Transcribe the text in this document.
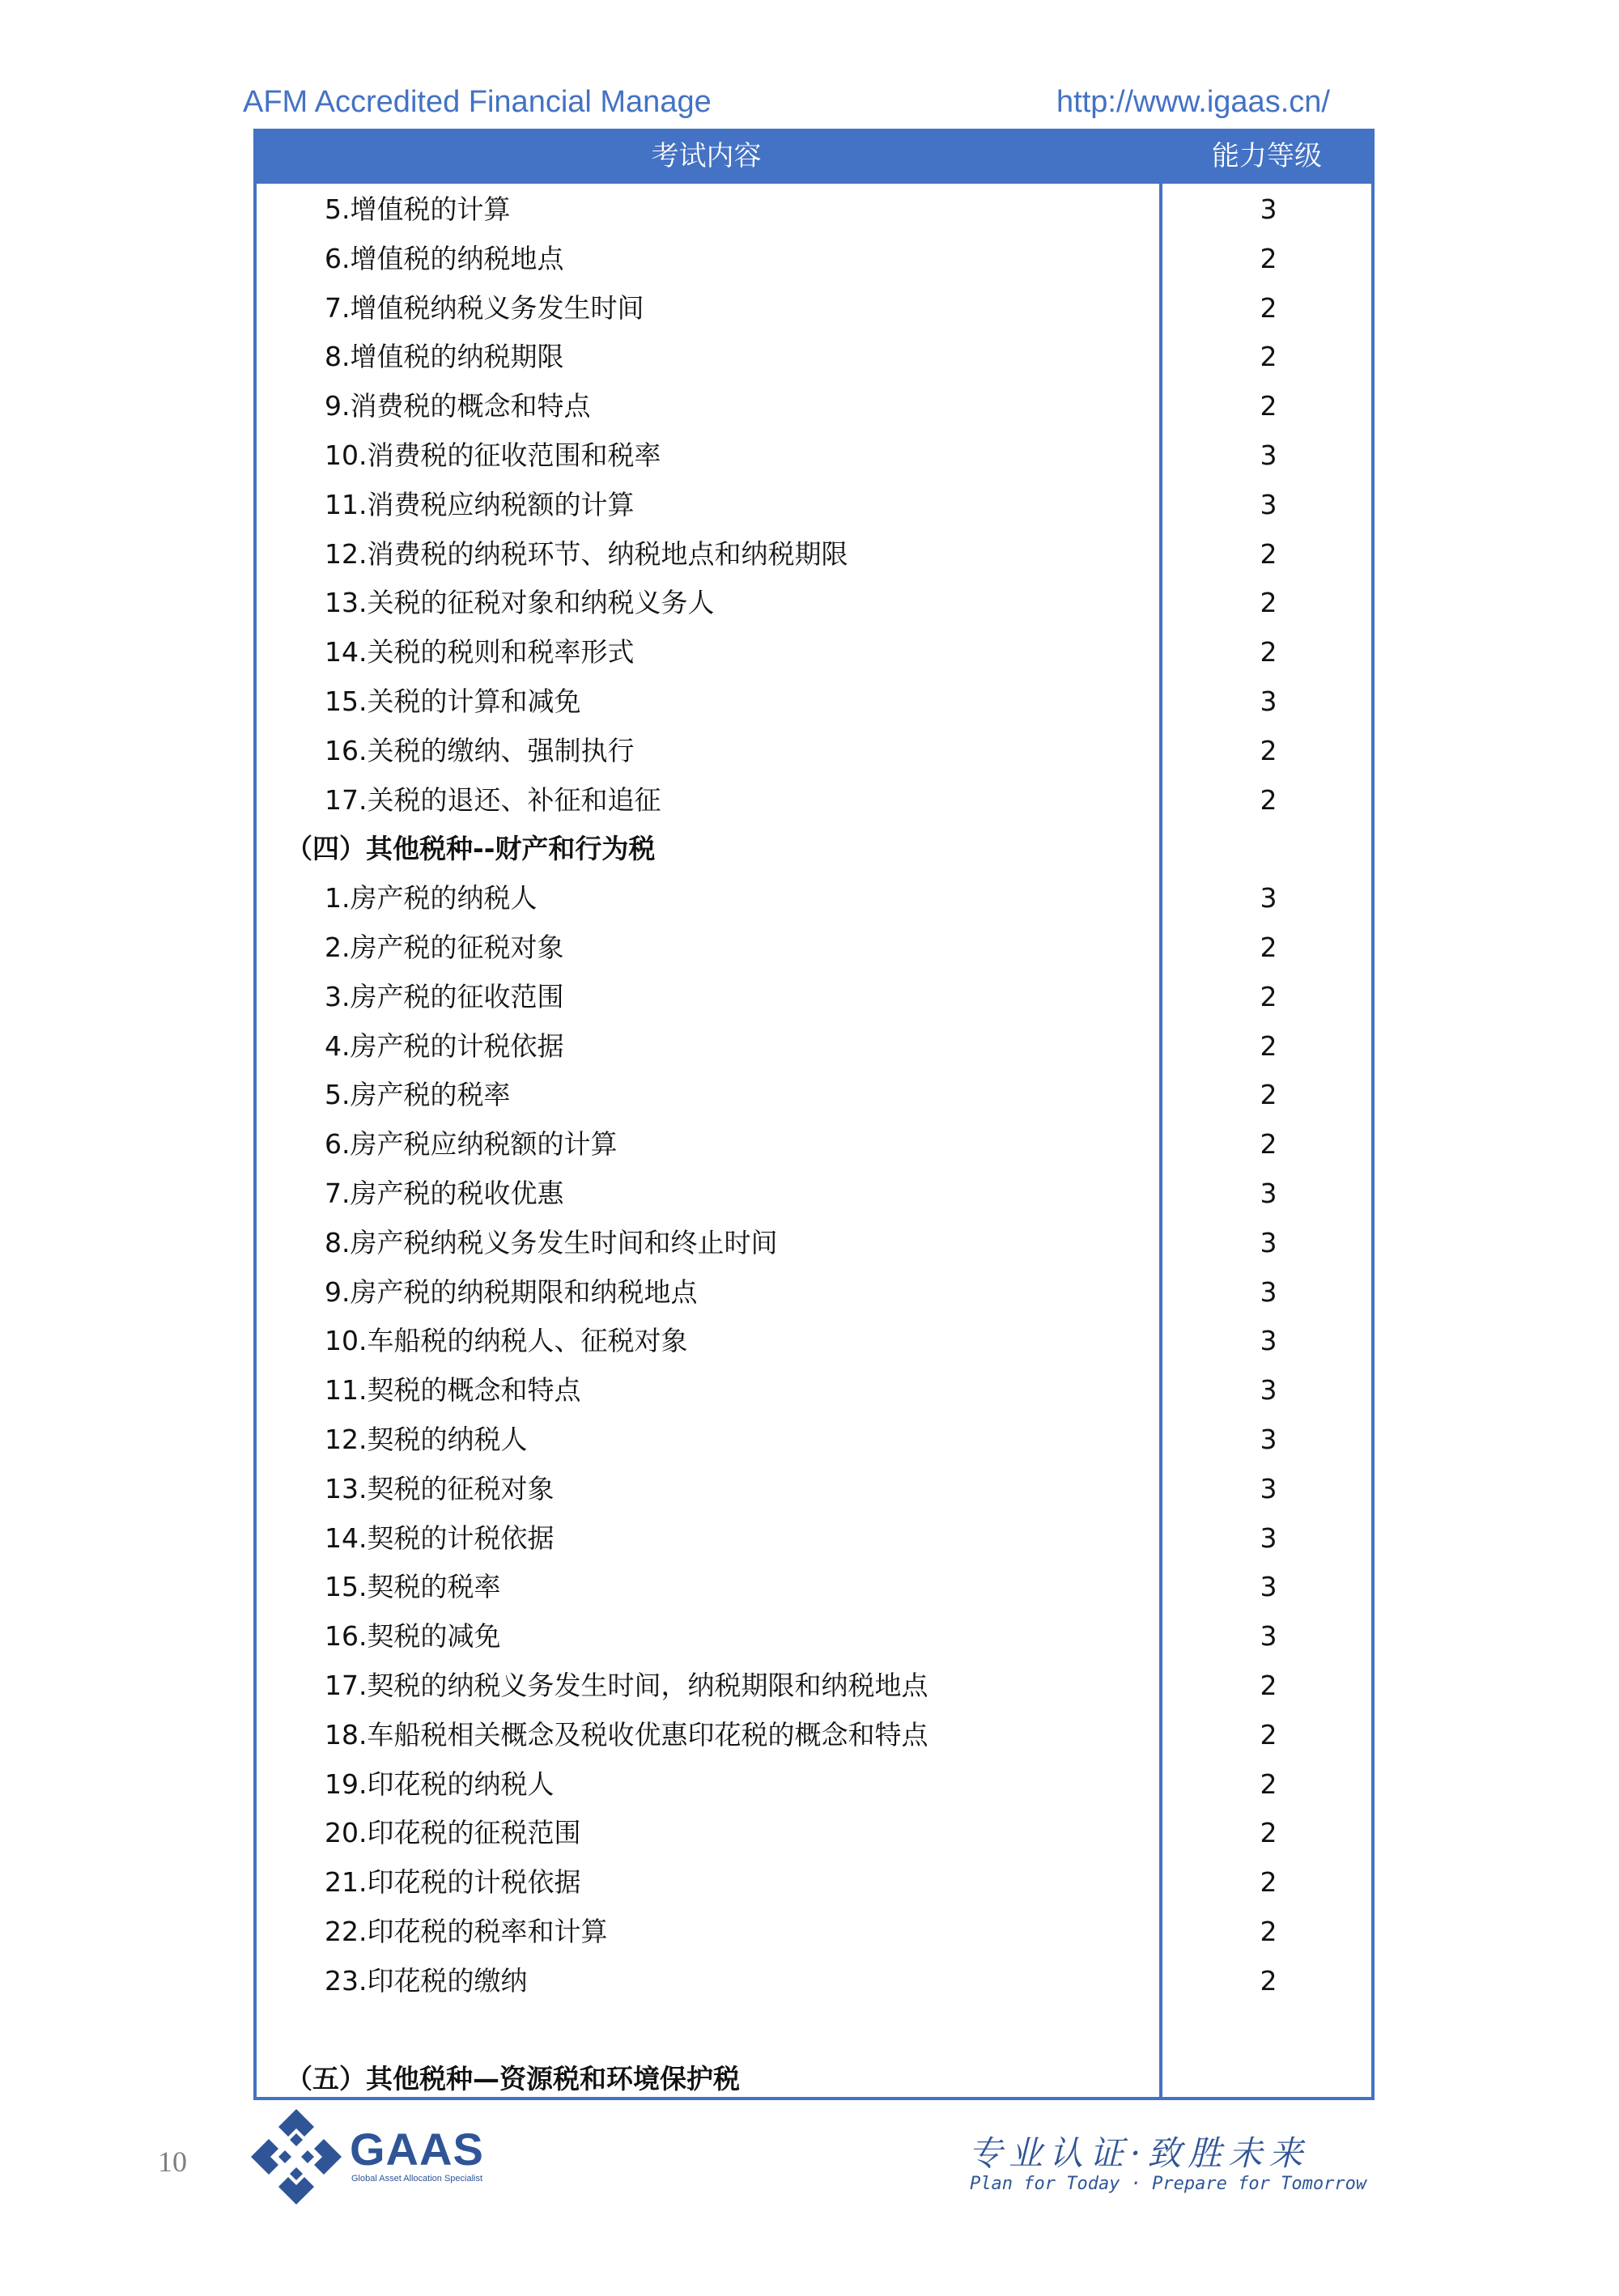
AFM Accredited Financial Manage	http://www.igaas.cn/
考试内容	能力等级
5.增值税的计算	3
6.增值税的纳税地点	2
7.增值税纳税义务发生时间	2
8.增值税的纳税期限	2
9.消费税的概念和特点	2
10.消费税的征收范围和税率	3
11.消费税应纳税额的计算	3
12.消费税的纳税环节、纳税地点和纳税期限	2
13.关税的征税对象和纳税义务人	2
14.关税的税则和税率形式	2
15.关税的计算和减免	3
16.关税的缴纳、强制执行	2
17.关税的退还、补征和追征	2
（四）其他税种--财产和行为税
1.房产税的纳税人	3
2.房产税的征税对象	2
3.房产税的征收范围	2
4.房产税的计税依据	2
5.房产税的税率	2
6.房产税应纳税额的计算	2
7.房产税的税收优惠	3
8.房产税纳税义务发生时间和终止时间	3
9.房产税的纳税期限和纳税地点	3
10.车船税的纳税人、征税对象	3
11.契税的概念和特点	3
12.契税的纳税人	3
13.契税的征税对象	3
14.契税的计税依据	3
15.契税的税率	3
16.契税的减免	3
17.契税的纳税义务发生时间，纳税期限和纳税地点	2
18.车船税相关概念及税收优惠印花税的概念和特点	2
19.印花税的纳税人	2
20.印花税的征税范围	2
21.印花税的计税依据	2
22.印花税的税率和计算	2
23.印花税的缴纳	2
（五）其他税种—资源税和环境保护税
10	GAAS
Global Asset Allocation Specialist
专业认证·致胜未来
Plan for Today · Prepare for Tomorrow
